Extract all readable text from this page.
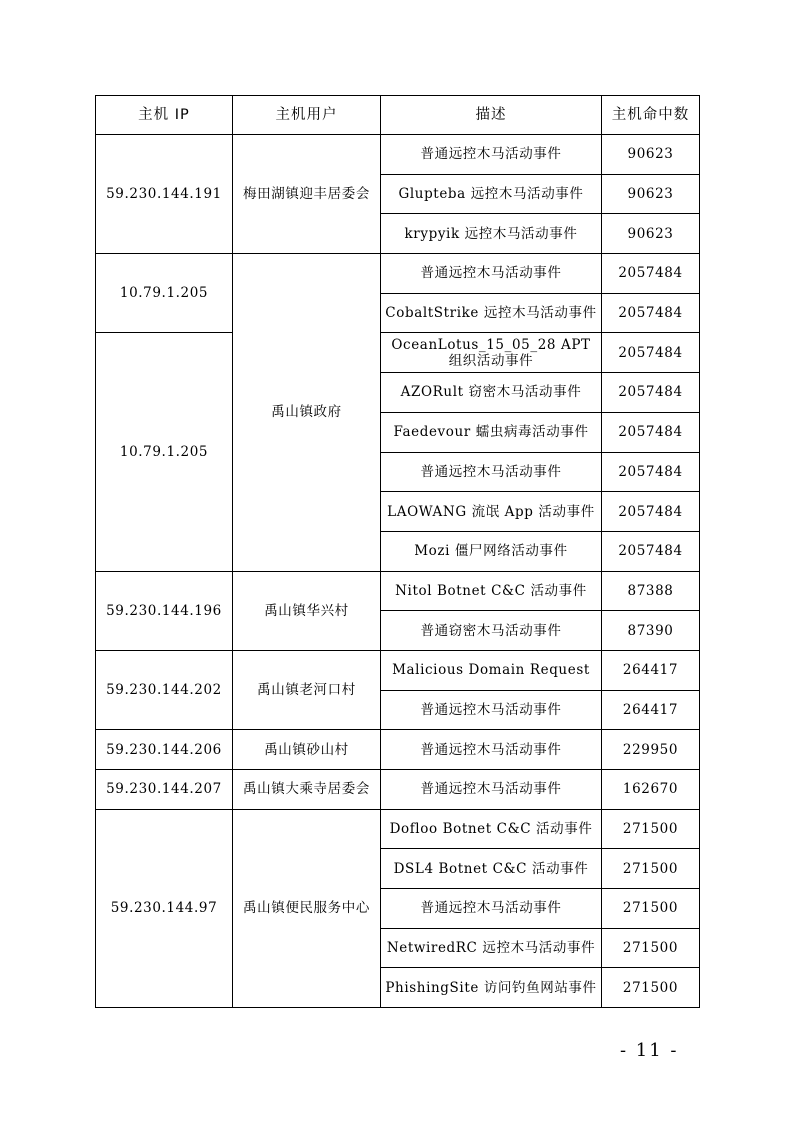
主机 IP	主机用户	描述	主机命中数
59.230.144.191	梅田湖镇迎丰居委会	普通远控木马活动事件	90623
		Glupteba 远控木马活动事件	90623
		krypyik 远控木马活动事件	90623
10.79.1.205	禹山镇政府	普通远控木马活动事件	2057484
		CobaltStrike 远控木马活动事件	2057484
10.79.1.205		OceanLotus_15_05_28 APT 组织活动事件	2057484
		AZORult 窃密木马活动事件	2057484
		Faedevour 蠕虫病毒活动事件	2057484
		普通远控木马活动事件	2057484
		LAOWANG 流氓 App 活动事件	2057484
		Mozi 僵尸网络活动事件	2057484
59.230.144.196	禹山镇华兴村	Nitol Botnet C&C 活动事件	87388
		普通窃密木马活动事件	87390
59.230.144.202	禹山镇老河口村	Malicious Domain Request	264417
		普通远控木马活动事件	264417
59.230.144.206	禹山镇砂山村	普通远控木马活动事件	229950
59.230.144.207	禹山镇大乘寺居委会	普通远控木马活动事件	162670
59.230.144.97	禹山镇便民服务中心	Dofloo Botnet C&C 活动事件	271500
		DSL4 Botnet C&C 活动事件	271500
		普通远控木马活动事件	271500
		NetwiredRC 远控木马活动事件	271500
		PhishingSite 访问钓鱼网站事件	271500
- 11 -
